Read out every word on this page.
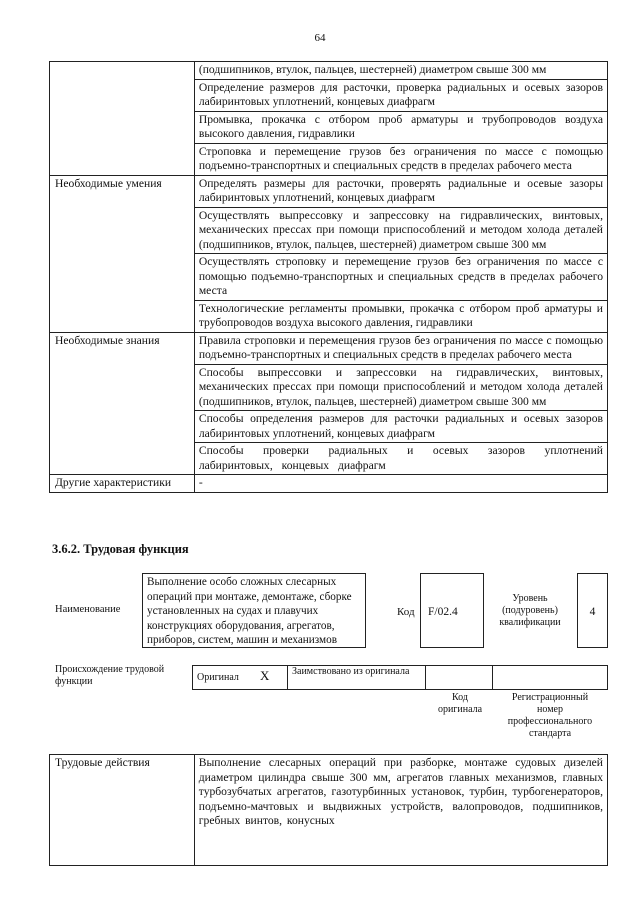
64
	(подшипников, втулок, пальцев, шестерней) диаметром свыше 300 мм
	Определение размеров для расточки, проверка радиальных и осевых зазоров лабиринтовых уплотнений, концевых диафрагм
	Промывка, прокачка с отбором проб арматуры и трубопроводов воздуха высокого давления, гидравлики
	Строповка и перемещение грузов без ограничения по массе с помощью подъемно-транспортных и специальных средств в пределах рабочего места
Необходимые умения	Определять размеры для расточки, проверять радиальные и осевые зазоры лабиринтовых уплотнений, концевых диафрагм
	Осуществлять выпрессовку и запрессовку на гидравлических, винтовых, механических прессах при помощи приспособлений и методом холода деталей (подшипников, втулок, пальцев, шестерней) диаметром свыше 300 мм
	Осуществлять строповку и перемещение грузов без ограничения по массе с помощью подъемно-транспортных и специальных средств в пределах рабочего места
	Технологические регламенты промывки, прокачка с отбором проб арматуры и трубопроводов воздуха высокого давления, гидравлики
Необходимые знания	Правила строповки и перемещения грузов без ограничения по массе с помощью подъемно-транспортных и специальных средств в пределах рабочего места
	Способы выпрессовки и запрессовки на гидравлических, винтовых, механических прессах при помощи приспособлений и методом холода деталей (подшипников, втулок, пальцев, шестерней) диаметром свыше 300 мм
	Способы определения размеров для расточки радиальных и осевых зазоров лабиринтовых уплотнений, концевых диафрагм
	Способы проверки радиальных и осевых зазоров уплотнений лабиринтовых, концевых диафрагм
Другие характеристики	-
3.6.2. Трудовая функция
Наименование
Выполнение особо сложных слесарных операций при монтаже, демонтаже, сборке установленных на судах и плавучих конструкциях оборудования, агрегатов, приборов, систем, машин и механизмов
Код F/02.4
Уровень (подуровень) квалификации
4
Происхождение трудовой функции	Оригинал X Заимствовано из оригинала
Код оригинала
Регистрационный номер профессионального стандарта
Трудовые действия	Выполнение слесарных операций при разборке, монтаже судовых дизелей диаметром цилиндра свыше 300 мм, агрегатов главных механизмов, главных турбозубчатых агрегатов, газотурбинных установок, турбин, турбогенераторов, подъемно-мачтовых и выдвижных устройств, валопроводов, подшипников, гребных винтов, конусных
